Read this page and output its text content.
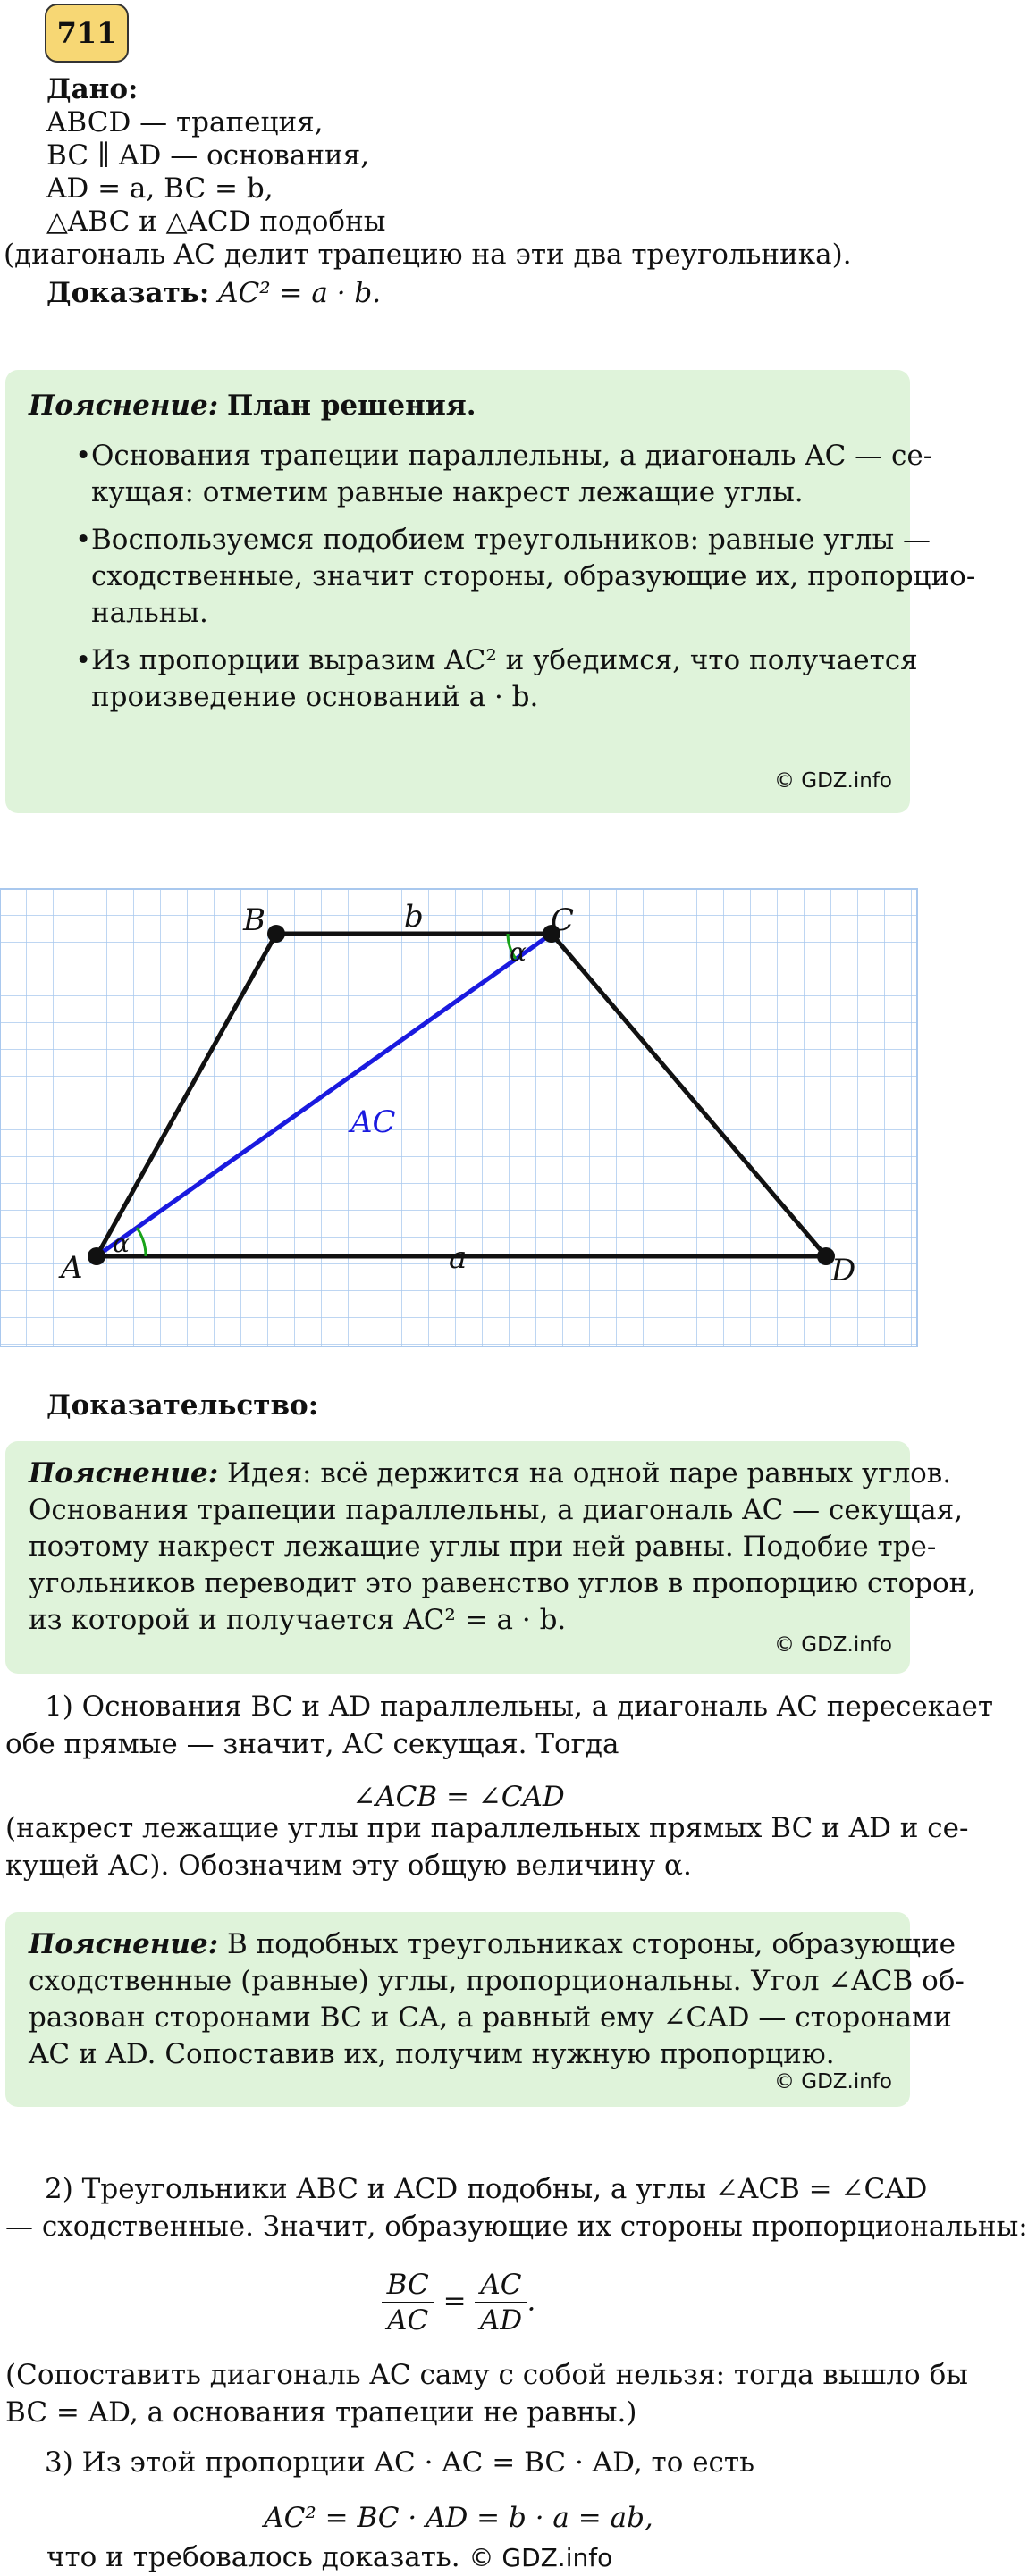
711
Дано:
ABCD — трапеция,
BC ∥ AD — основания,
AD = a, BC = b,
△ABC и △ACD подобны
(диагональ AC делит трапецию на эти два треугольника).
Доказать: AC² = a · b.
Пояснение: План решения.
• Основания трапеции параллельны, а диагональ AC — се-
кущая: отметим равные накрест лежащие углы.
• Воспользуемся подобием треугольников: равные углы —
сходственные, значит стороны, образующие их, пропорцио-
нальны.
• Из пропорции выразим AC² и убедимся, что получается
произведение оснований a · b.
© GDZ.info
A
B	C
D
b
a
α
α
AC
Доказательство:
Пояснение: Идея: всё держится на одной паре равных углов.
Основания трапеции параллельны, а диагональ AC — секущая,
поэтому накрест лежащие углы при ней равны. Подобие тре-
угольников переводит это равенство углов в пропорцию сторон,
из которой и получается AC² = a · b.
© GDZ.info
1) Основания BC и AD параллельны, а диагональ AC пересекает
обе прямые — значит, AC секущая. Тогда
∠ACB = ∠CAD
(накрест лежащие углы при параллельных прямых BC и AD и се-
кущей AC). Обозначим эту общую величину α.
Пояснение: В подобных треугольниках стороны, образующие
сходственные (равные) углы, пропорциональны. Угол ∠ACB об-
разован сторонами BC и CA, а равный ему ∠CAD — сторонами
AC и AD. Сопоставив их, получим нужную пропорцию.
© GDZ.info
2) Треугольники ABC и ACD подобны, а углы ∠ACB = ∠CAD
— сходственные. Значит, образующие их стороны пропорциональны:
$\frac{BC}{AC} = \frac{AC}{AD}$ .
(Сопоставить диагональ AC саму с собой нельзя: тогда вышло бы
BC = AD, а основания трапеции не равны.)
3) Из этой пропорции AC · AC = BC · AD, то есть
AC² = BC · AD = b · a = ab,
что и требовалось доказать. © GDZ.info
